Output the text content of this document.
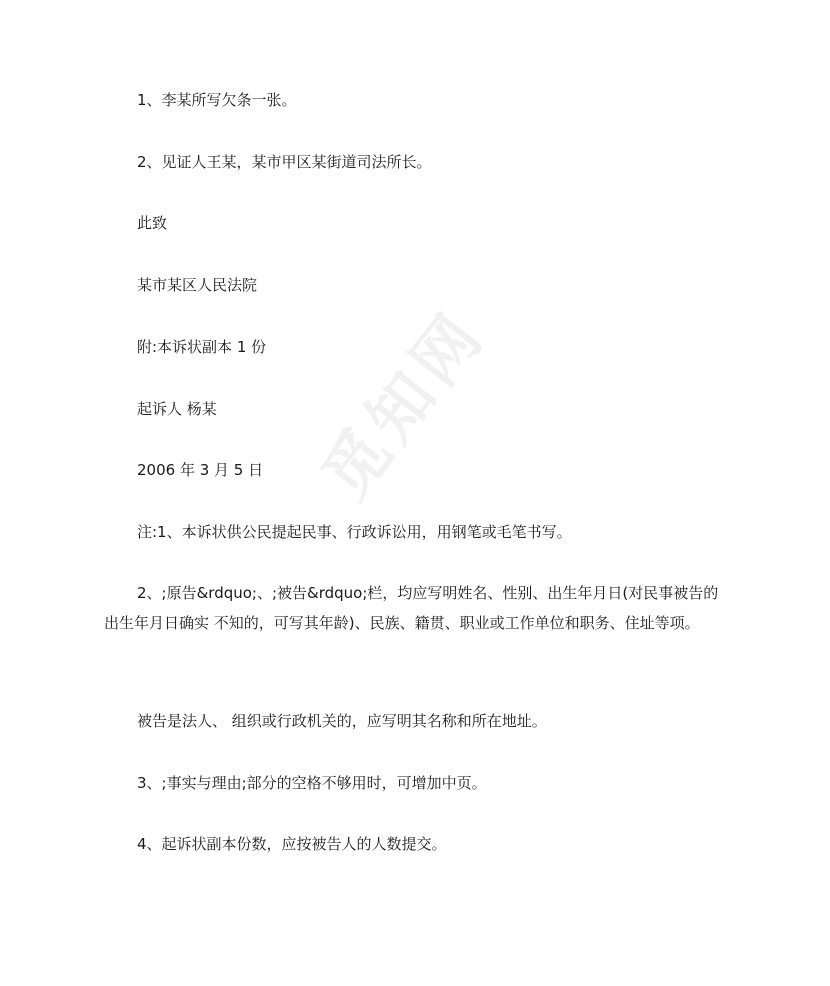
觅知网
1、李某所写欠条一张。
2、见证人王某，某市甲区某街道司法所长。
此致
某市某区人民法院
附:本诉状副本 1 份
起诉人 杨某
2006 年 3 月 5 日
注:1、本诉状供公民提起民事、行政诉讼用，用钢笔或毛笔书写。
2、;原告&rdquo;、;被告&rdquo;栏，均应写明姓名、性别、出生年月日(对民事被告的出生年月日确实 不知的，可写其年龄)、民族、籍贯、职业或工作单位和职务、住址等项。
被告是法人、 组织或行政机关的，应写明其名称和所在地址。
3、;事实与理由;部分的空格不够用时，可增加中页。
4、起诉状副本份数，应按被告人的人数提交。
